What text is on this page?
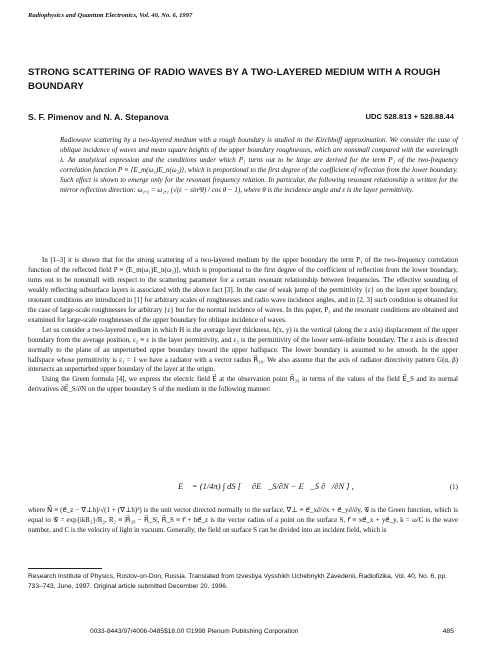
Radiophysics and Quantum Electronics, Vol. 40, No. 6, 1997
STRONG SCATTERING OF RADIO WAVES BY A TWO-LAYERED MEDIUM WITH A ROUGH BOUNDARY
S. F. Pimenov and N. A. Stepanova	UDC 528.813 + 528.88.44

Radiowave scattering by a two-layered medium with a rough boundary is studied in the Kirchhoff approximation. We consider the case of oblique incidence of waves and mean square heights of the upper boundary roughnesses, which are nonsmall compared with the wavelength λ. An analytical expression and the conditions under which P₁ turns out to be large are derived for the term P₁ of the two-frequency correlation function P ≡ ⟨E_m(ω₁)E_n(ω₂)⟩, which is proportional to the first degree of the coefficient of reflection from the lower boundary. Such effect is shown to emerge only for the resonant frequency relation. In particular, the following resonant relationship is written for the mirror reflection direction: ω₁,₂ = ω₂,₁ (√(ε − sin²θ) / cos θ − 1), where θ is the incidence angle and ε is the layer permittivity.

In [1–3] it is shown that for the strong scattering of a two-layered medium by the upper boundary the term P₁ of the two-frequency correlation function of the reflected field P ≡ ⟨E_m(ω₁)E_n(ω₂)⟩, which is proportional to the first degree of the coefficient of reflection from the lower boundary, turns out to be nonsmall with respect to the scattering parameter for a certain resonant relationship between frequencies. The effective sounding of weakly reflecting subsurface layers is associated with the above fact [3]. In the case of weak jump of the permittivity {ε} on the layer upper boundary, resonant conditions are introduced in [1] for arbitrary scales of roughnesses and radio wave incidence angles, and in [2, 3] such condition is obtained for the case of large-scale roughnesses for arbitrary {ε} but for the normal incidence of waves. In this paper, P₁ and the resonant conditions are obtained and examined for large-scale roughnesses of the upper boundary for oblique incidence of waves.

Let us consider a two-layered medium in which H is the average layer thickness, h(x, y) is the vertical (along the z axis) displacement of the upper boundary from the average position, ε₂ ≡ ε is the layer permittivity, and ε₃ is the permittivity of the lower semi-infinite boundary. The z axis is directed normally to the plane of an unperturbed upper boundary toward the upper halfspace. The lower boundary is assumed to be smooth. In the upper halfspace whose permittivity is ε₁ = 1 we have a radiator with a vector radius R⃗₁₀. We also assume that the axis of radiator directivity pattern G(α, β) intersects an unperturbed upper boundary of the layer at the origin.

Using the Green formula [4], we express the electric field E⃗ at the observation point R⃗₂₀ in terms of the values of the field E⃗_S and its normal derivatives ∂E⃗_S/∂N on the upper boundary S of the medium in the following manner:

E⃗ = (1/4π) ∫ dS [ 𝒢 ∂E⃗_S/∂N − E⃗_S ∂𝒢/∂N ] ,	(1)

where N⃗ ≡ (e⃗_z − ∇⃗⊥h)/√(1 + (∇⃗⊥h)²) is the unit vector directed normally to the surface, ∇⃗⊥ ≡ e⃗_x∂/∂x + e⃗_y∂/∂y, 𝒢 is the Green function, which is equal to 𝒢 = exp{ikR₂}/R₂, R₂ ≡ |R⃗₂₀ − R⃗_S|, R⃗_S ≡ r⃗ + he⃗_z is the vector radius of a point on the surface S, r⃗ ≡ xe⃗_x + ye⃗_y, k = ω/C is the wave number, and C is the velocity of light in vacuum. Generally, the field on surface S can be divided into an incident field, which is

Research Institute of Physics, Rostov-on-Don, Russia. Translated from Izvestiya Vysshikh Uchebnykh Zavedenii, Radiofizika, Vol. 40, No. 6, pp. 733–743, June, 1997. Original article submitted December 20, 1996.
0033-8443/97/4006-0485$18.00 ©1998 Plenum Publishing Corporation	485
